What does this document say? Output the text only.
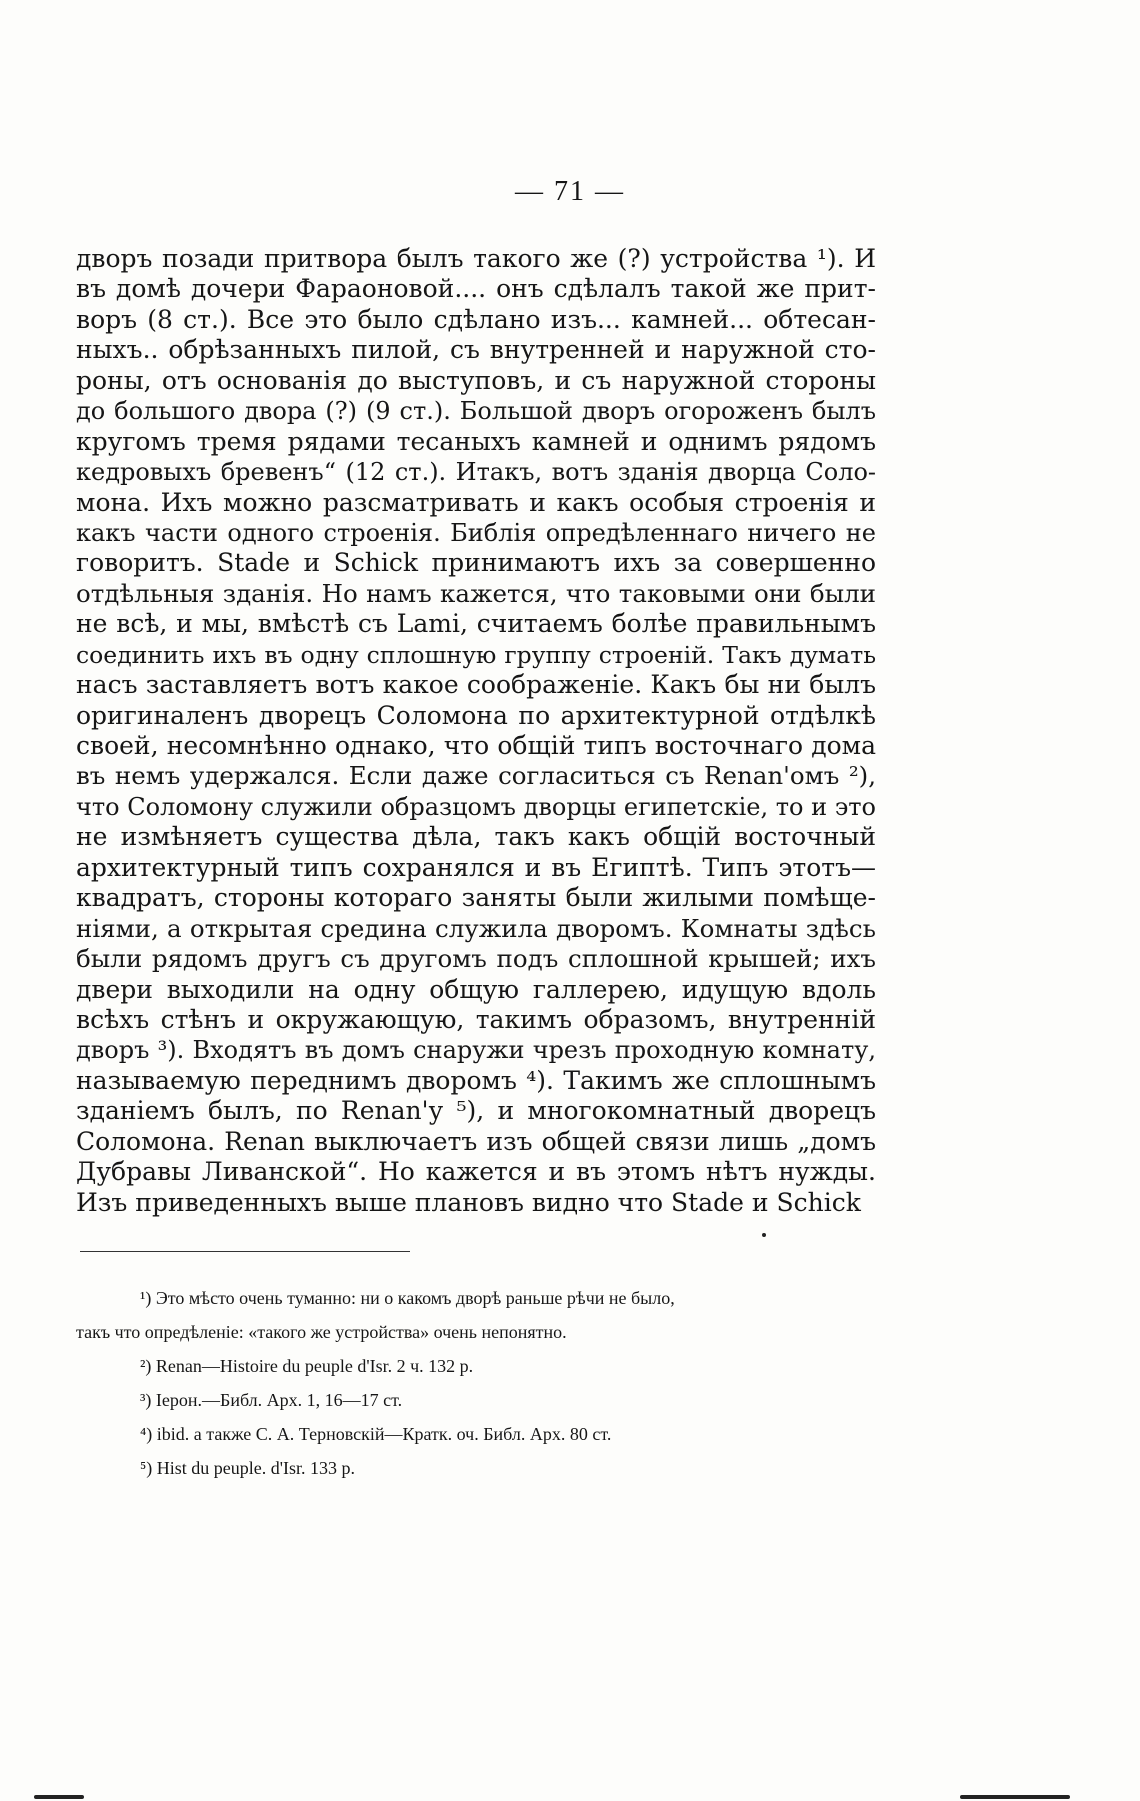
— 71 —
дворъ позади притвора былъ такого же (?) устройства ¹). И
въ домѣ дочери Фараоновой.... онъ сдѣлалъ такой же прит-
воръ (8 ст.). Все это было сдѣлано изъ... камней... обтесан-
ныхъ.. обрѣзанныхъ пилой, съ внутренней и наружной сто-
роны, отъ основанія до выступовъ, и съ наружной стороны
до большого двора (?) (9 ст.). Большой дворъ огороженъ былъ
кругомъ тремя рядами тесаныхъ камней и однимъ рядомъ
кедровыхъ бревенъ“ (12 ст.). Итакъ, вотъ зданія дворца Соло-
мона. Ихъ можно разсматривать и какъ особыя строенія и
какъ части одного строенія. Библія опредѣленнаго ничего не
говоритъ. Stade и Schick принимаютъ ихъ за совершенно
отдѣльныя зданія. Но намъ кажется, что таковыми они были
не всѣ, и мы, вмѣстѣ съ Lami, считаемъ болѣе правильнымъ
соединить ихъ въ одну сплошную группу строеній. Такъ думать
насъ заставляетъ вотъ какое соображеніе. Какъ бы ни былъ
оригиналенъ дворецъ Соломона по архитектурной отдѣлкѣ
своей, несомнѣнно однако, что общій типъ восточнаго дома
въ немъ удержался. Если даже согласиться съ Renan'омъ ²),
что Соломону служили образцомъ дворцы египетскіе, то и это
не измѣняетъ существа дѣла, такъ какъ общій восточный
архитектурный типъ сохранялся и въ Египтѣ. Типъ этотъ—
квадратъ, стороны котораго заняты были жилыми помѣще-
ніями, а открытая средина служила дворомъ. Комнаты здѣсь
были рядомъ другъ съ другомъ подъ сплошной крышей; ихъ
двери выходили на одну общую галлерею, идущую вдоль
всѣхъ стѣнъ и окружающую, такимъ образомъ, внутренній
дворъ ³). Входятъ въ домъ снаружи чрезъ проходную комнату,
называемую переднимъ дворомъ ⁴). Такимъ же сплошнымъ
зданіемъ былъ, по Renan'у ⁵), и многокомнатный дворецъ
Соломона. Renan выключаетъ изъ общей связи лишь „домъ
Дубравы Ливанской“. Но кажется и въ этомъ нѣтъ нужды.
Изъ приведенныхъ выше плановъ видно что Stade и Schick
¹) Это мѣсто очень туманно: ни о какомъ дворѣ раньше рѣчи не было,
такъ что опредѣленіе: «такого же устройства» очень непонятно.
²) Renan—Histoire du peuple d'Isr. 2 ч. 132 p.
³) Іерон.—Библ. Арх. 1, 16—17 ст.
⁴) ibid. а также С. А. Терновскій—Кратк. оч. Библ. Арх. 80 ст.
⁵) Hist du peuple. d'Isr. 133 p.
